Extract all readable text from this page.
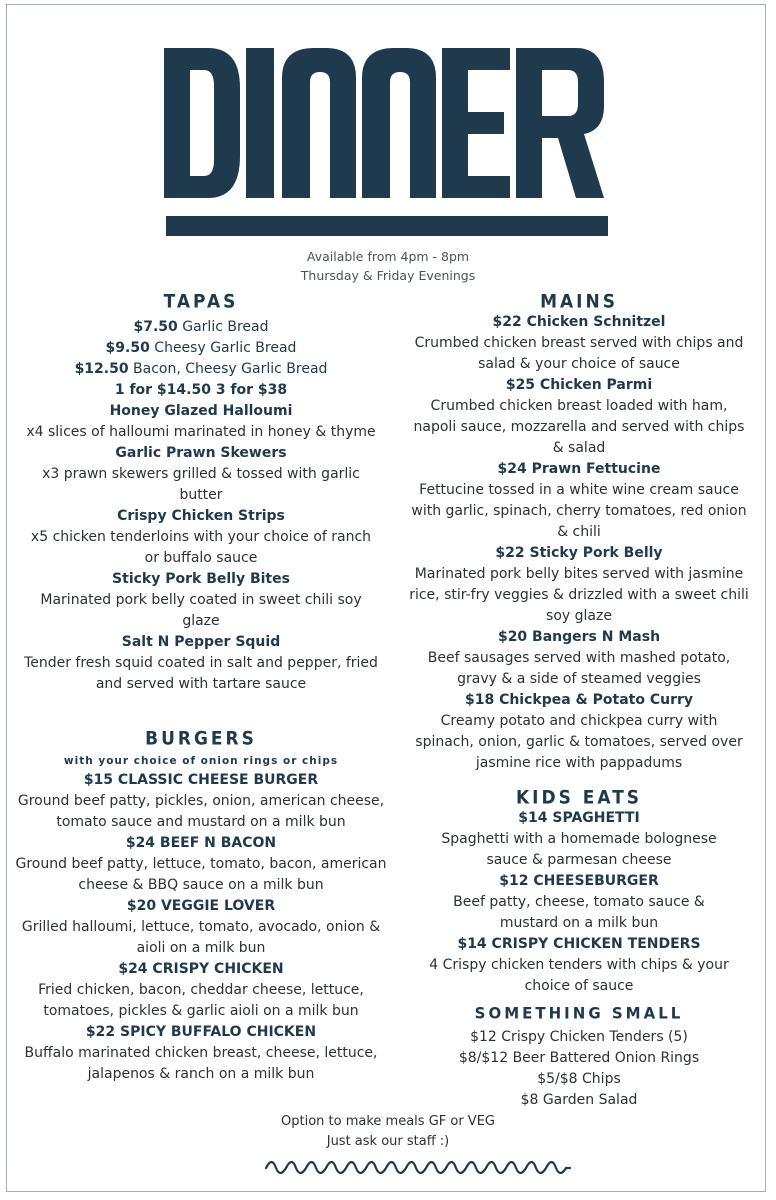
Available from 4pm - 8pm
Thursday & Friday Evenings
TAPAS
$7.50 Garlic Bread
$9.50 Cheesy Garlic Bread
$12.50 Bacon, Cheesy Garlic Bread
1 for $14.50 3 for $38
Honey Glazed Halloumi
x4 slices of halloumi marinated in honey & thyme
Garlic Prawn Skewers
x3 prawn skewers grilled & tossed with garlic
butter
Crispy Chicken Strips
x5 chicken tenderloins with your choice of ranch
or buffalo sauce
Sticky Pork Belly Bites
Marinated pork belly coated in sweet chili soy
glaze
Salt N Pepper Squid
Tender fresh squid coated in salt and pepper, fried
and served with tartare sauce
BURGERS
with your choice of onion rings or chips
$15 CLASSIC CHEESE BURGER
Ground beef patty, pickles, onion, american cheese,
tomato sauce and mustard on a milk bun
$24 BEEF N BACON
Ground beef patty, lettuce, tomato, bacon, american
cheese & BBQ sauce on a milk bun
$20 VEGGIE LOVER
Grilled halloumi, lettuce, tomato, avocado, onion &
aioli on a milk bun
$24 CRISPY CHICKEN
Fried chicken, bacon, cheddar cheese, lettuce,
tomatoes, pickles & garlic aioli on a milk bun
$22 SPICY BUFFALO CHICKEN
Buffalo marinated chicken breast, cheese, lettuce,
jalapenos & ranch on a milk bun
MAINS
$22 Chicken Schnitzel
Crumbed chicken breast served with chips and
salad & your choice of sauce
$25 Chicken Parmi
Crumbed chicken breast loaded with ham,
napoli sauce, mozzarella and served with chips
& salad
$24 Prawn Fettucine
Fettucine tossed in a white wine cream sauce
with garlic, spinach, cherry tomatoes, red onion
& chili
$22 Sticky Pork Belly
Marinated pork belly bites served with jasmine
rice, stir-fry veggies & drizzled with a sweet chili
soy glaze
$20 Bangers N Mash
Beef sausages served with mashed potato,
gravy & a side of steamed veggies
$18 Chickpea & Potato Curry
Creamy potato and chickpea curry with
spinach, onion, garlic & tomatoes, served over
jasmine rice with pappadums
KIDS EATS
$14 SPAGHETTI
Spaghetti with a homemade bolognese
sauce & parmesan cheese
$12 CHEESEBURGER
Beef patty, cheese, tomato sauce &
mustard on a milk bun
$14 CRISPY CHICKEN TENDERS
4 Crispy chicken tenders with chips & your
choice of sauce
SOMETHING SMALL
$12 Crispy Chicken Tenders (5)
$8/$12 Beer Battered Onion Rings
$5/$8 Chips
$8 Garden Salad
Option to make meals GF or VEG
Just ask our staff :)
